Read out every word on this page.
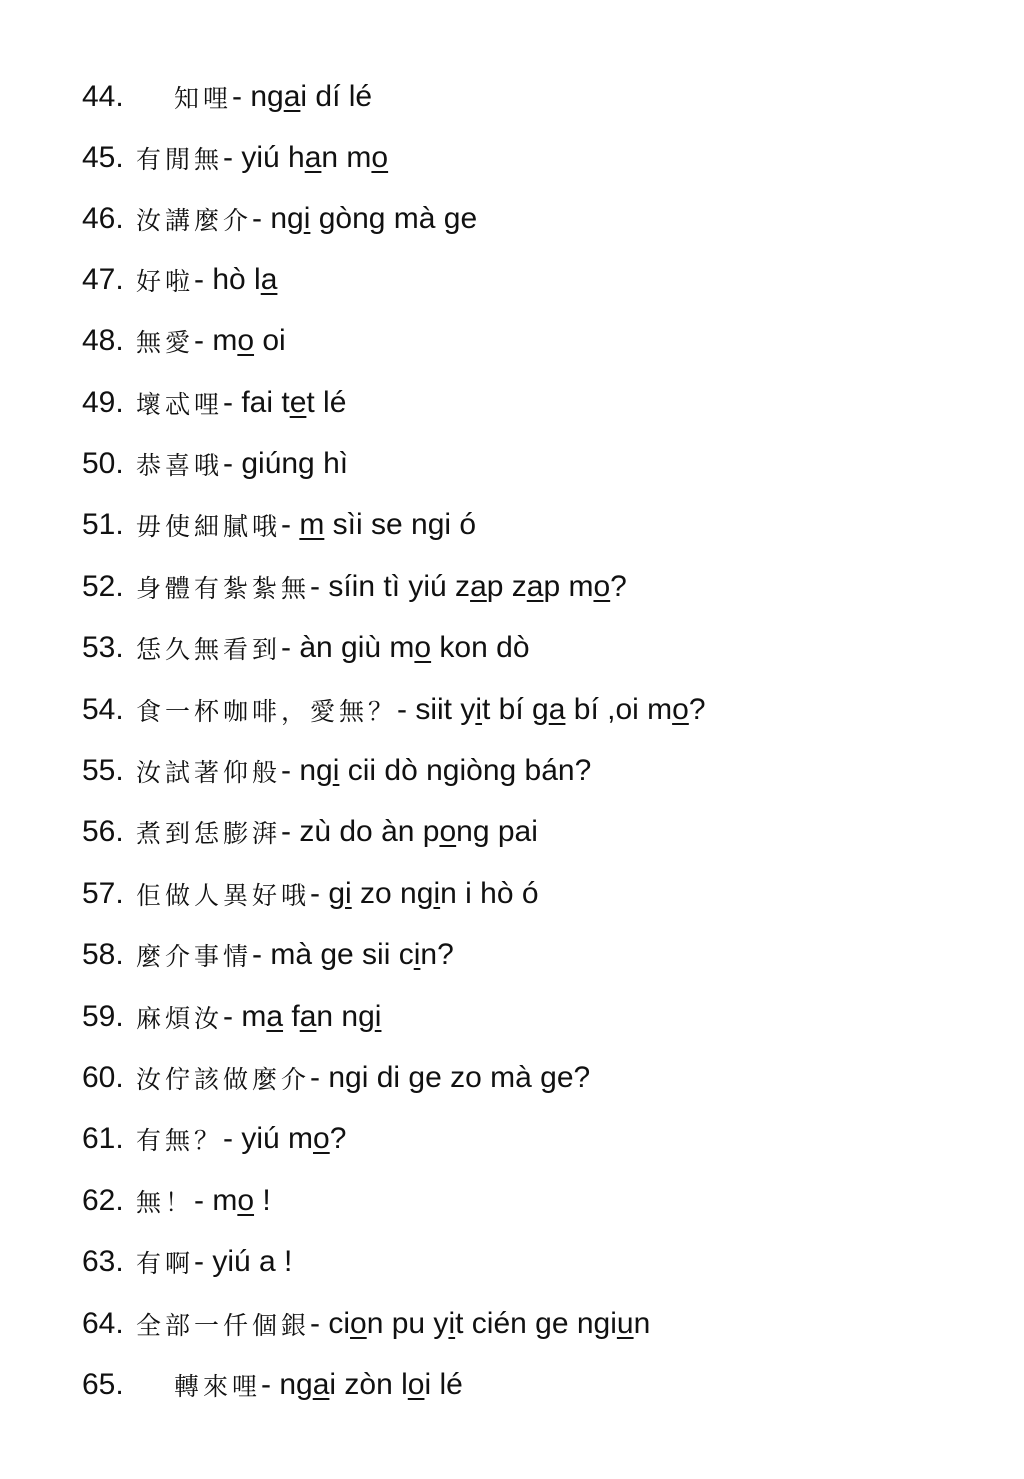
44.	知哩 - ngai dí lé
45. 有閒無 - yiú han mo
46. 汝講麼介 - ngi gòng mà ge
47. 好啦 - hò la
48. 無愛 - mo oi
49. 壞忒哩 - fai tet lé
50. 恭喜哦 - giúng hì
51. 毋使細膩哦 - m sìi se ngi ó
52. 身體有紮紮無 - síin tì yiú zap zap mo?
53. 恁久無看到 - àn giù mo kon dò
54. 食一杯咖啡，愛無？ - siit yit bí ga bí ,oi mo?
55. 汝試著仰般 - ngi cii dò ngiòng bán?
56. 煮到恁膨湃 - zù do àn pong pai
57. 佢做人異好哦 - gi zo ngin i hò ó
58. 麼介事情 - mà ge sii cin?
59. 麻煩汝 - ma fan ngi
60. 汝佇該做麼介 - ngi di ge zo mà ge?
61. 有無？ - yiú mo?
62. 無！ - mo !
63. 有啊 - yiú a !
64. 全部一仟個銀 - cion pu yit cién ge ngiun
65.	轉來哩 - ngai zòn loi lé
